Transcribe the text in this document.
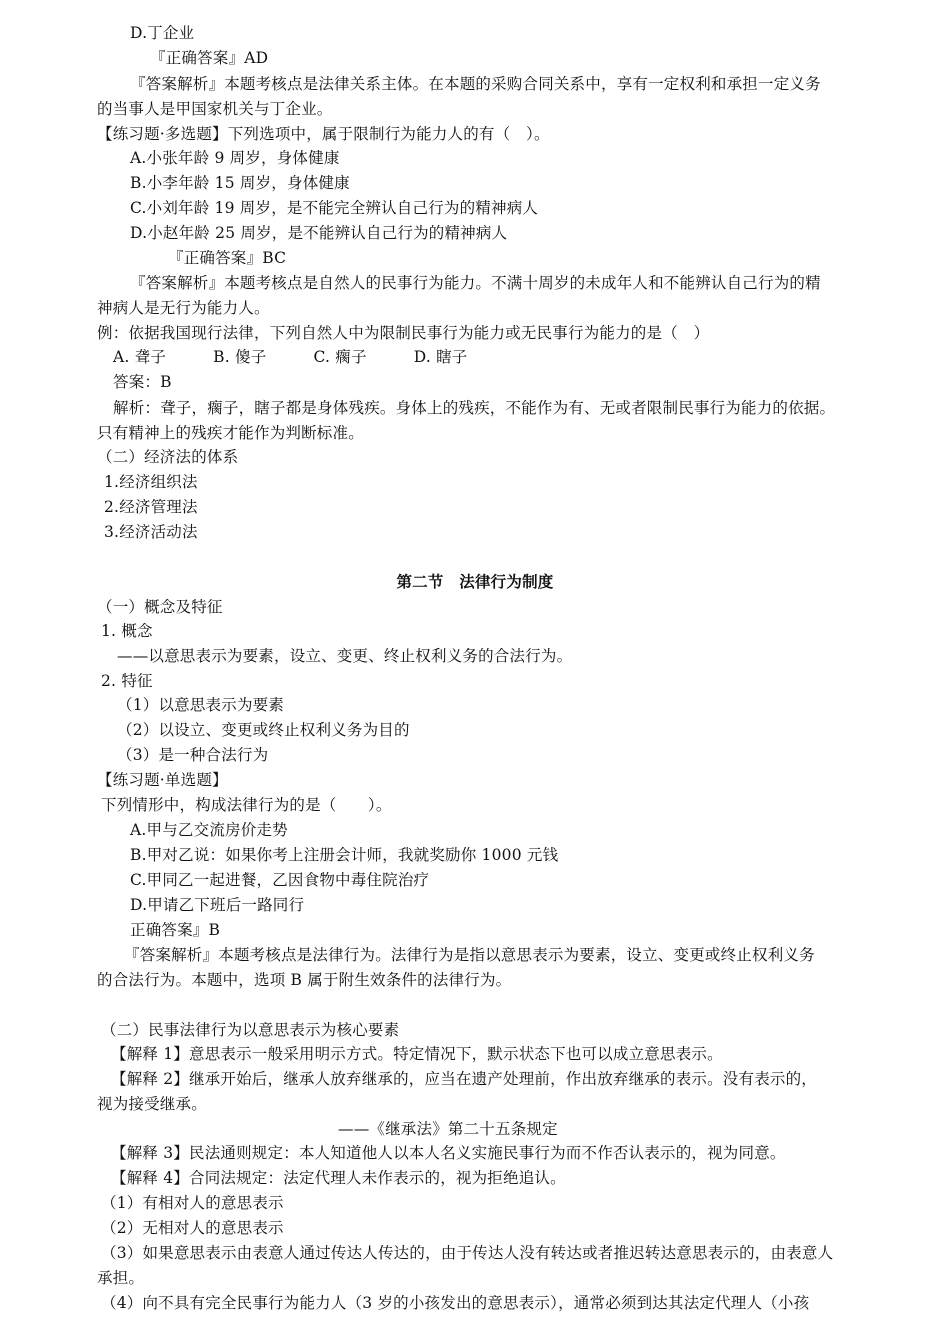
D.丁企业
『正确答案』AD
『答案解析』本题考核点是法律关系主体。在本题的采购合同关系中，享有一定权利和承担一定义务
的当事人是甲国家机关与丁企业。
【练习题·多选题】下列选项中，属于限制行为能力人的有（　）。
A.小张年龄 9 周岁，身体健康
B.小李年龄 15 周岁，身体健康
C.小刘年龄 19 周岁，是不能完全辨认自己行为的精神病人
D.小赵年龄 25 周岁，是不能辨认自己行为的精神病人
『正确答案』BC
『答案解析』本题考核点是自然人的民事行为能力。不满十周岁的未成年人和不能辨认自己行为的精
神病人是无行为能力人。
例：依据我国现行法律，下列自然人中为限制民事行为能力或无民事行为能力的是（　）
A. 聋子　　　B. 傻子　　　C. 瘸子　　　D. 瞎子
答案：B
解析：聋子，瘸子，瞎子都是身体残疾。身体上的残疾，不能作为有、无或者限制民事行为能力的依据。
只有精神上的残疾才能作为判断标准。
（二）经济法的体系
1.经济组织法
2.经济管理法
3.经济活动法
第二节　法律行为制度
（一）概念及特征
1. 概念
——以意思表示为要素，设立、变更、终止权利义务的合法行为。
2. 特征
（1）以意思表示为要素
（2）以设立、变更或终止权利义务为目的
（3）是一种合法行为
【练习题·单选题】
下列情形中，构成法律行为的是（　　）。
A.甲与乙交流房价走势
B.甲对乙说：如果你考上注册会计师，我就奖励你 1000 元钱
C.甲同乙一起进餐，乙因食物中毒住院治疗
D.甲请乙下班后一路同行
正确答案』B
『答案解析』本题考核点是法律行为。法律行为是指以意思表示为要素，设立、变更或终止权利义务
的合法行为。本题中，选项 B 属于附生效条件的法律行为。
（二）民事法律行为以意思表示为核心要素
【解释 1】意思表示一般采用明示方式。特定情况下，默示状态下也可以成立意思表示。
【解释 2】继承开始后，继承人放弃继承的，应当在遗产处理前，作出放弃继承的表示。没有表示的，
视为接受继承。
——《继承法》第二十五条规定
【解释 3】民法通则规定：本人知道他人以本人名义实施民事行为而不作否认表示的，视为同意。
【解释 4】合同法规定：法定代理人未作表示的，视为拒绝追认。
（1）有相对人的意思表示
（2）无相对人的意思表示
（3）如果意思表示由表意人通过传达人传达的，由于传达人没有转达或者推迟转达意思表示的，由表意人
承担。
（4）向不具有完全民事行为能力人（3 岁的小孩发出的意思表示），通常必须到达其法定代理人（小孩
